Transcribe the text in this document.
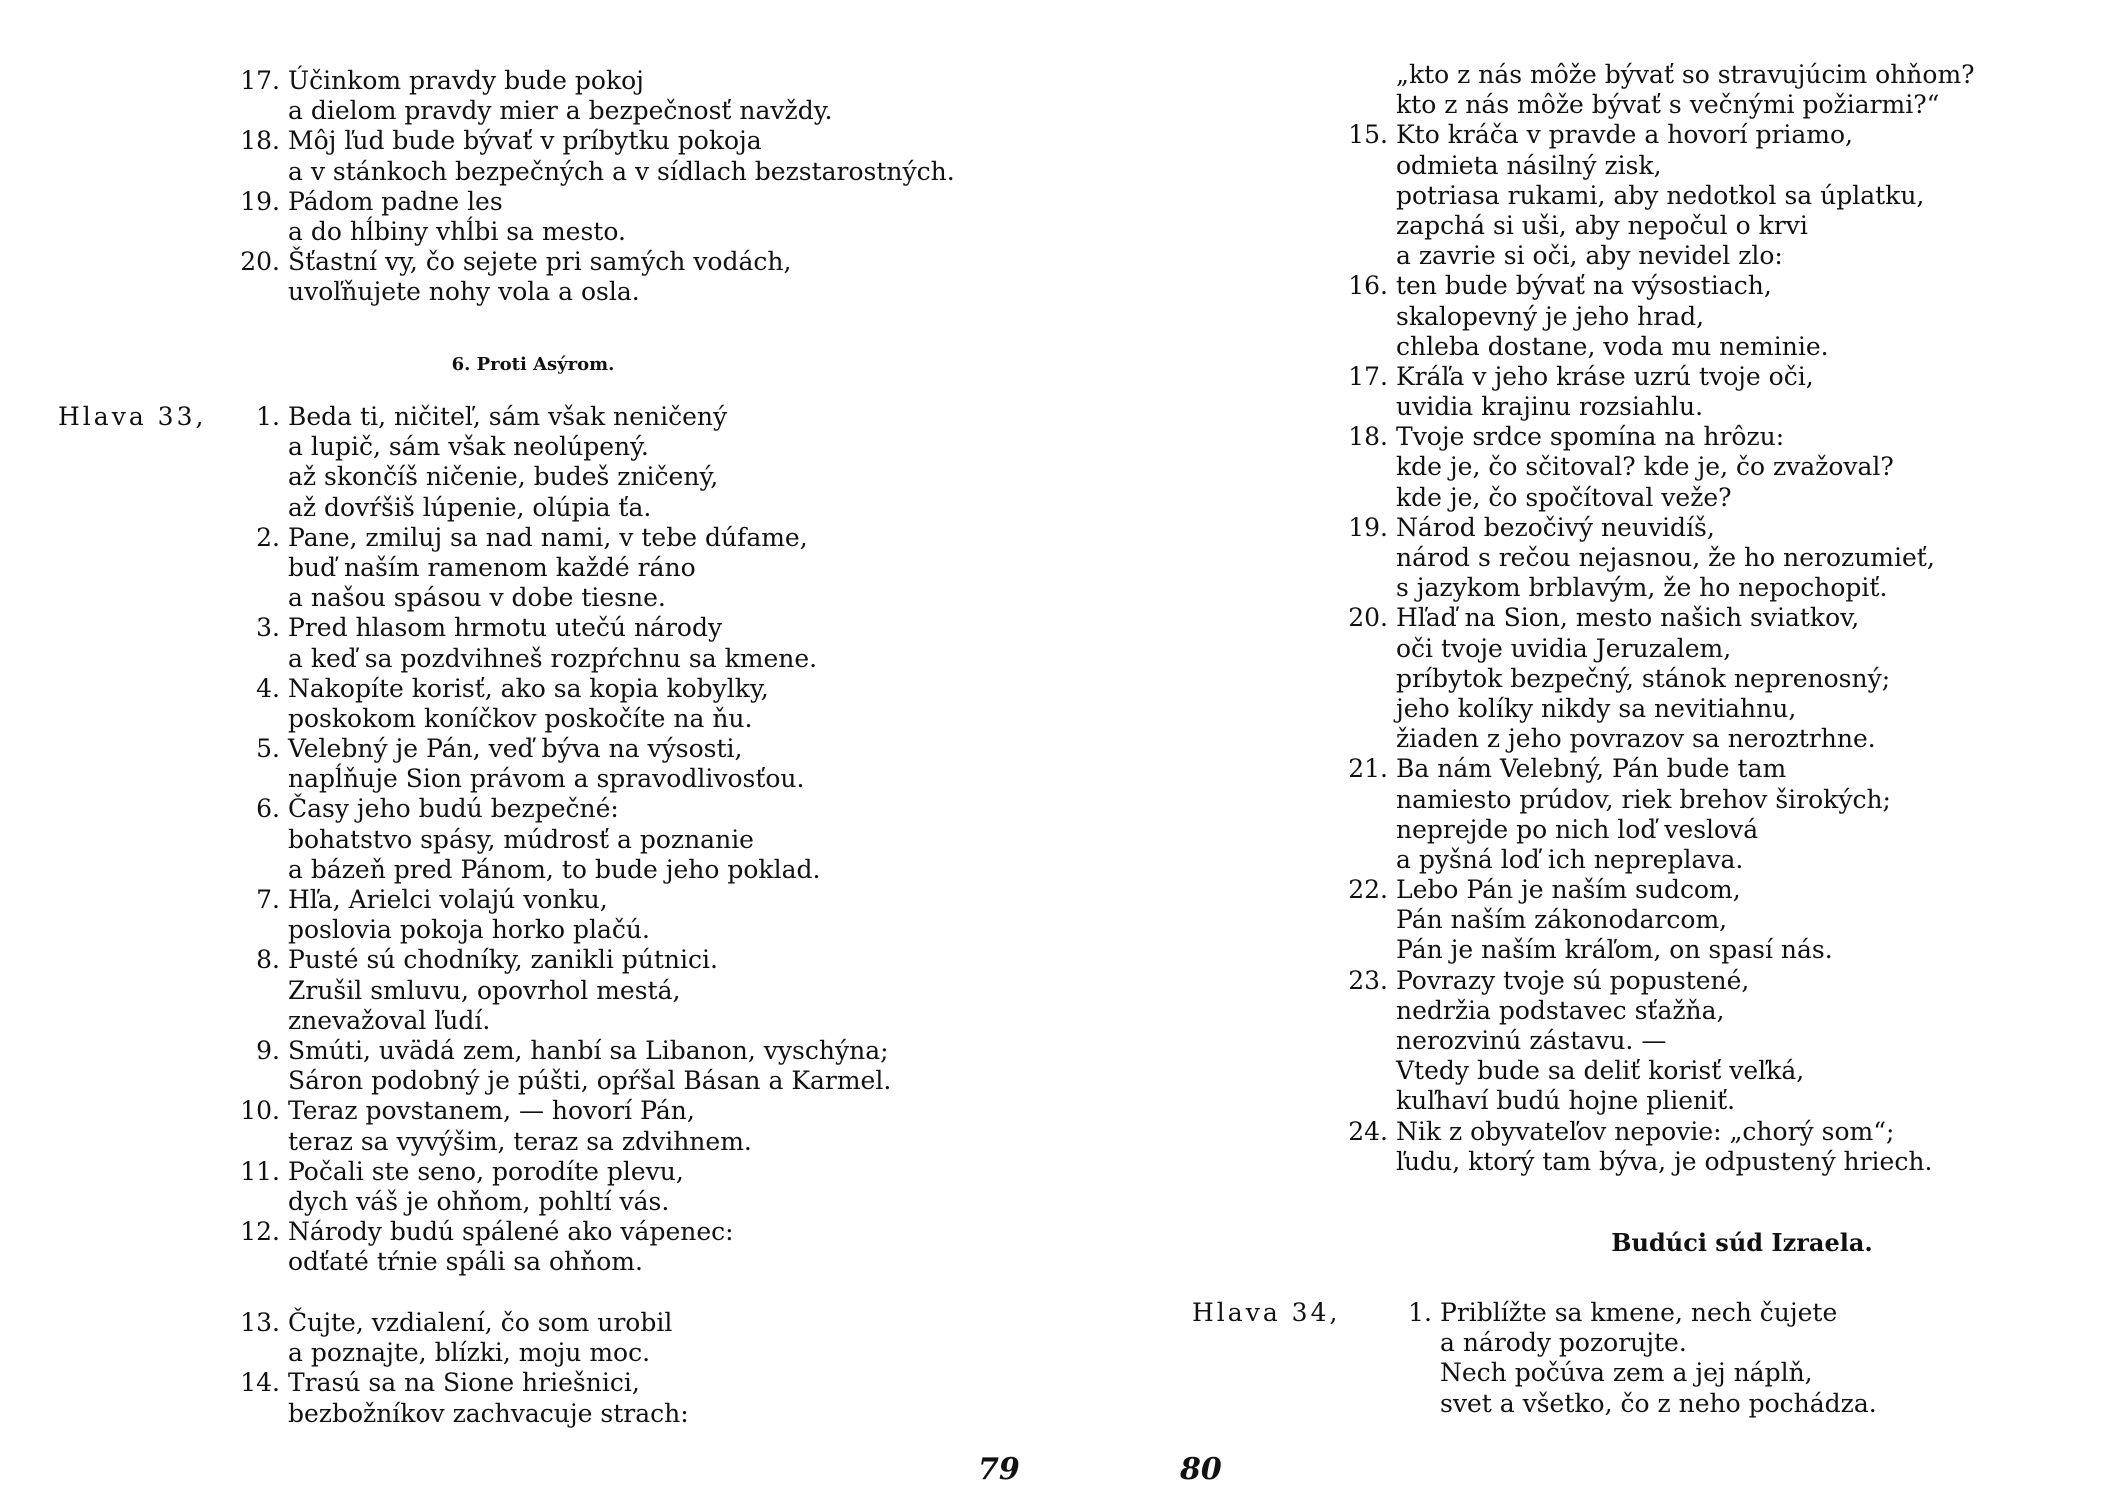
17. Účinkom pravdy bude pokoj
a dielom pravdy mier a bezpečnosť navždy.
18. Môj ľud bude bývať v príbytku pokoja
a v stánkoch bezpečných a v sídlach bezstarostných.
19. Pádom padne les
a do hĺbiny vhĺbi sa mesto.
20. Šťastní vy, čo sejete pri samých vodách,
uvoľňujete nohy vola a osla.
6. Proti Asýrom.
Hlava 33,	1. Beda ti, ničiteľ, sám však neničený
a lupič, sám však neolúpený.
až skončíš ničenie, budeš zničený,
až dovŕšiš lúpenie, olúpia ťa.
2. Pane, zmiluj sa nad nami, v tebe dúfame,
buď naším ramenom každé ráno
a našou spásou v dobe tiesne.
3. Pred hlasom hrmotu utečú národy
a keď sa pozdvihneš rozpŕchnu sa kmene.
4. Nakopíte korisť, ako sa kopia kobylky,
poskokom koníčkov poskočíte na ňu.
5. Velebný je Pán, veď býva na výsosti,
napĺňuje Sion právom a spravodlivosťou.
6. Časy jeho budú bezpečné:
bohatstvo spásy, múdrosť a poznanie
a bázeň pred Pánom, to bude jeho poklad.
7. Hľa, Arielci volajú vonku,
poslovia pokoja horko plačú.
8. Pusté sú chodníky, zanikli pútnici.
Zrušil smluvu, opovrhol mestá,
znevažoval ľudí.
9. Smúti, uvädá zem, hanbí sa Libanon, vyschýna;
Sáron podobný je púšti, opŕšal Básan a Karmel.
10. Teraz povstanem, — hovorí Pán,
teraz sa vyvýšim, teraz sa zdvihnem.
11. Počali ste seno, porodíte plevu,
dych váš je ohňom, pohltí vás.
12. Národy budú spálené ako vápenec:
odťaté tŕnie spáli sa ohňom.
13. Čujte, vzdialení, čo som urobil
a poznajte, blízki, moju moc.
14. Trasú sa na Sione hriešnici,
bezbožníkov zachvacuje strach:
79
„kto z nás môže bývať so stravujúcim ohňom?
kto z nás môže bývať s večnými požiarmi?“
15. Kto kráča v pravde a hovorí priamo,
odmieta násilný zisk,
potriasa rukami, aby nedotkol sa úplatku,
zapchá si uši, aby nepočul o krvi
a zavrie si oči, aby nevidel zlo:
16. ten bude bývať na výsostiach,
skalopevný je jeho hrad,
chleba dostane, voda mu neminie.
17. Kráľa v jeho kráse uzrú tvoje oči,
uvidia krajinu rozsiahlu.
18. Tvoje srdce spomína na hrôzu:
kde je, čo sčitoval? kde je, čo zvažoval?
kde je, čo spočítoval veže?
19. Národ bezočivý neuvidíš,
národ s rečou nejasnou, že ho nerozumieť,
s jazykom brblavým, že ho nepochopiť.
20. Hľaď na Sion, mesto našich sviatkov,
oči tvoje uvidia Jeruzalem,
príbytok bezpečný, stánok neprenosný;
jeho kolíky nikdy sa nevitiahnu,
žiaden z jeho povrazov sa neroztrhne.
21. Ba nám Velebný, Pán bude tam
namiesto prúdov, riek brehov širokých;
neprejde po nich loď veslová
a pyšná loď ich nepreplava.
22. Lebo Pán je naším sudcom,
Pán naším zákonodarcom,
Pán je naším kráľom, on spasí nás.
23. Povrazy tvoje sú popustené,
nedržia podstavec sťažňa,
nerozvinú zástavu. —
Vtedy bude sa deliť korisť veľká,
kuľhaví budú hojne plieniť.
24. Nik z obyvateľov nepovie: „chorý som“;
ľudu, ktorý tam býva, je odpustený hriech.
Budúci súd Izraela.
Hlava 34,	1. Priblížte sa kmene, nech čujete
a národy pozorujte.
Nech počúva zem a jej náplň,
svet a všetko, čo z neho pochádza.
80
